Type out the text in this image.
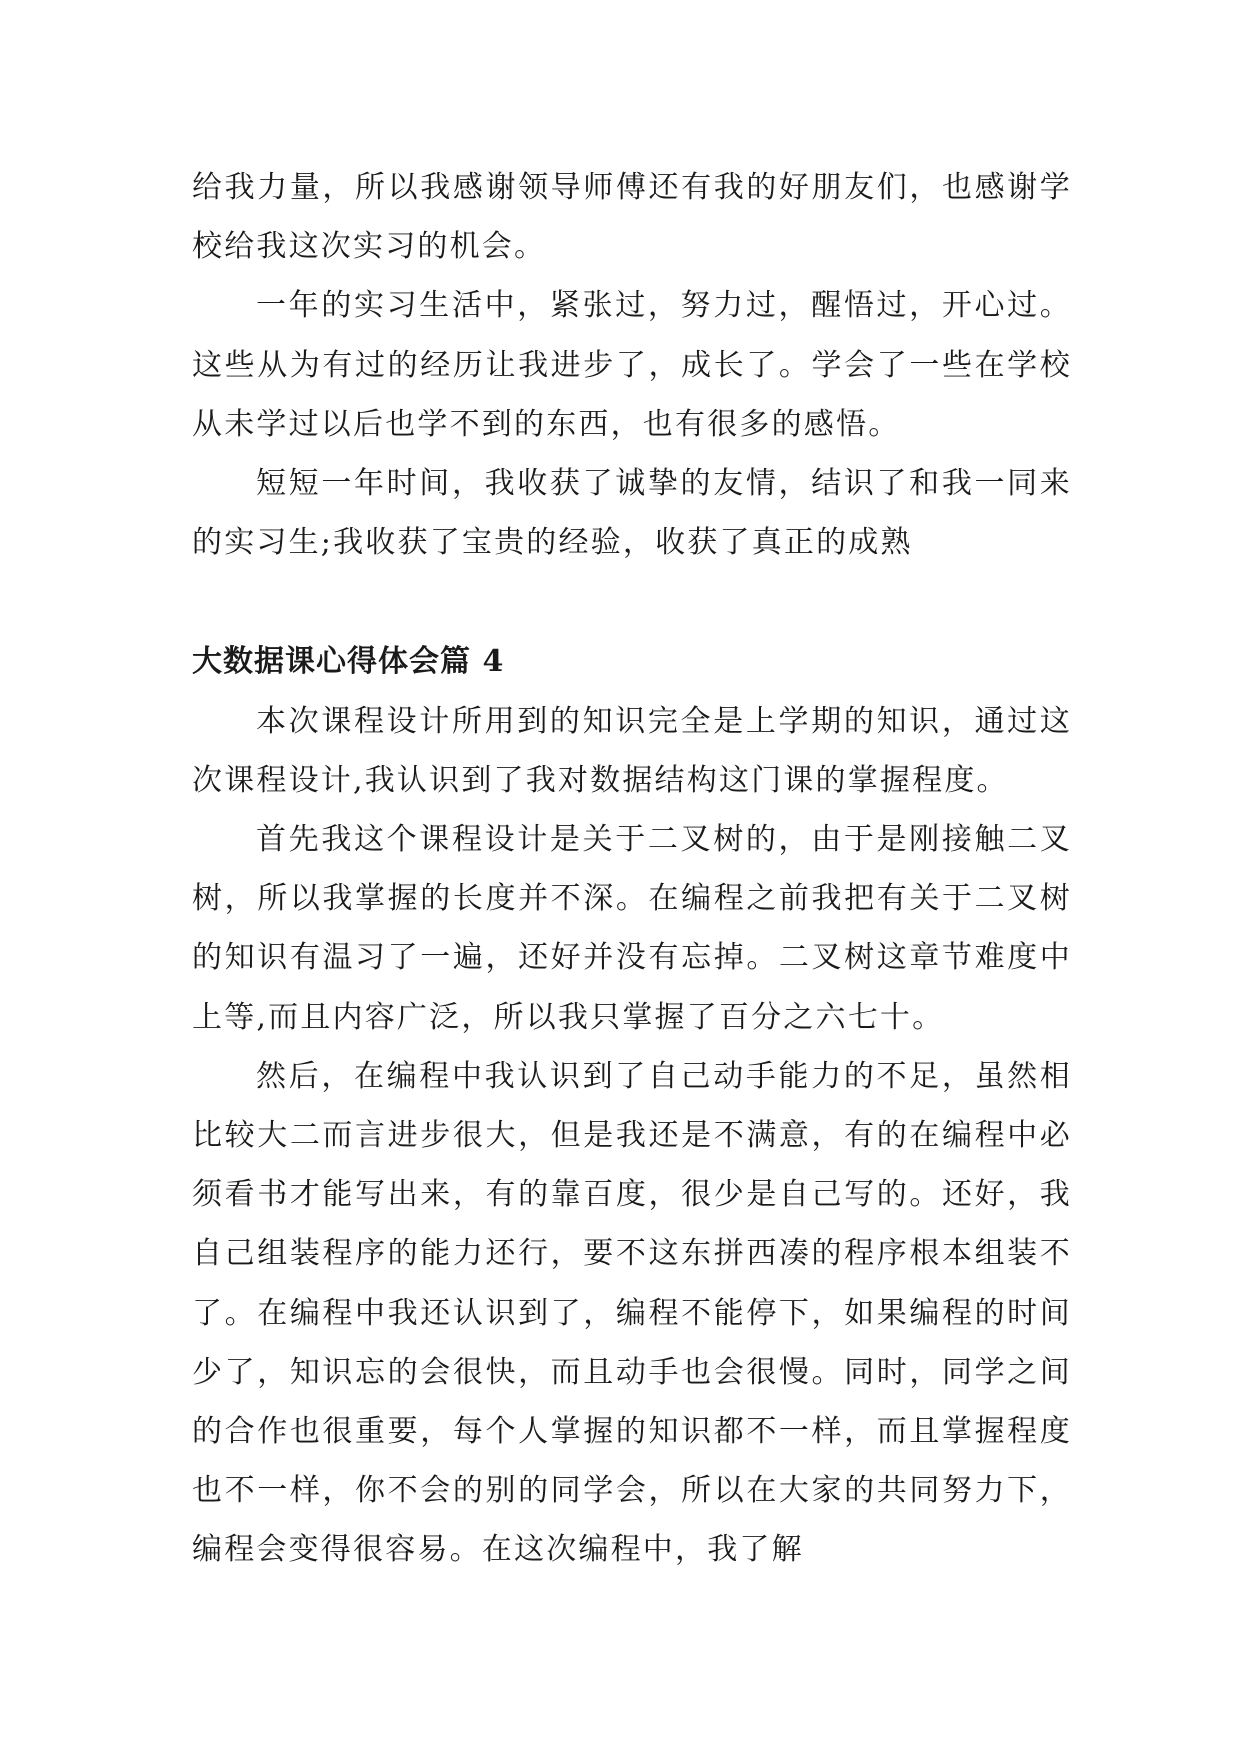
给我力量，所以我感谢领导师傅还有我的好朋友们，也感谢学校给我这次实习的机会。

一年的实习生活中，紧张过，努力过，醒悟过，开心过。这些从为有过的经历让我进步了，成长了。学会了一些在学校从未学过以后也学不到的东西，也有很多的感悟。

短短一年时间，我收获了诚挚的友情，结识了和我一同来的实习生;我收获了宝贵的经验，收获了真正的成熟

大数据课心得体会篇 4

本次课程设计所用到的知识完全是上学期的知识，通过这次课程设计,我认识到了我对数据结构这门课的掌握程度。

首先我这个课程设计是关于二叉树的，由于是刚接触二叉树，所以我掌握的长度并不深。在编程之前我把有关于二叉树的知识有温习了一遍，还好并没有忘掉。二叉树这章节难度中上等,而且内容广泛，所以我只掌握了百分之六七十。

然后，在编程中我认识到了自己动手能力的不足，虽然相比较大二而言进步很大，但是我还是不满意，有的在编程中必须看书才能写出来，有的靠百度，很少是自己写的。还好，我自己组装程序的能力还行，要不这东拼西凑的程序根本组装不了。在编程中我还认识到了，编程不能停下，如果编程的时间少了，知识忘的会很快，而且动手也会很慢。同时，同学之间的合作也很重要，每个人掌握的知识都不一样，而且掌握程度也不一样，你不会的别的同学会，所以在大家的共同努力下，编程会变得很容易。在这次编程中，我了解
